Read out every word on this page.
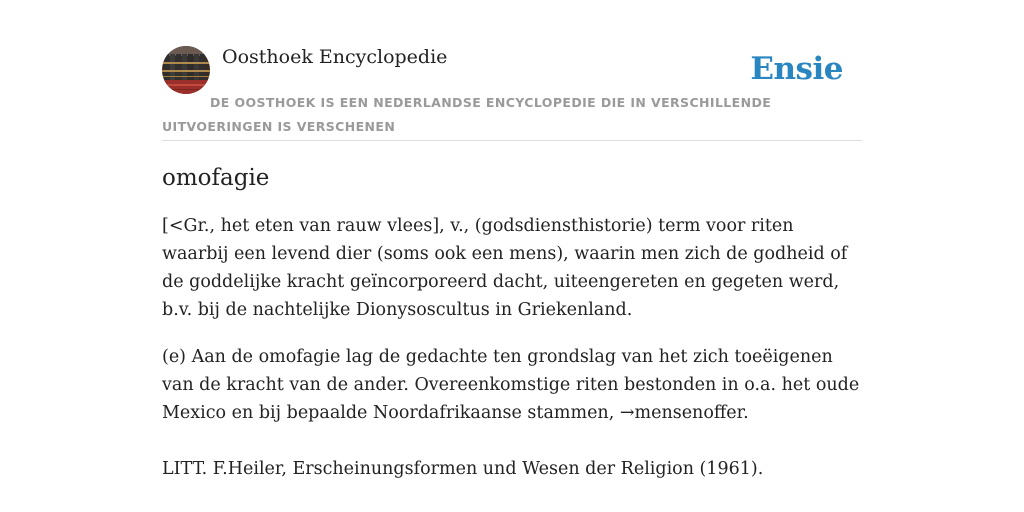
Oosthoek Encyclopedie	Ensie
DE OOSTHOEK IS EEN NEDERLANDSE ENCYCLOPEDIE DIE IN VERSCHILLENDE UITVOERINGEN IS VERSCHENEN
omofagie

[<Gr., het eten van rauw vlees], v., (godsdiensthistorie) term voor riten waarbij een levend dier (soms ook een mens), waarin men zich de godheid of de goddelijke kracht geïncorporeerd dacht, uiteengereten en gegeten werd, b.v. bij de nachtelijke Dionysoscultus in Griekenland.

(e) Aan de omofagie lag de gedachte ten grondslag van het zich toeëigenen van de kracht van de ander. Overeenkomstige riten bestonden in o.a. het oude Mexico en bij bepaalde Noordafrikaanse stammen, →mensenoffer.

LITT. F.Heiler, Erscheinungsformen und Wesen der Religion (1961).
